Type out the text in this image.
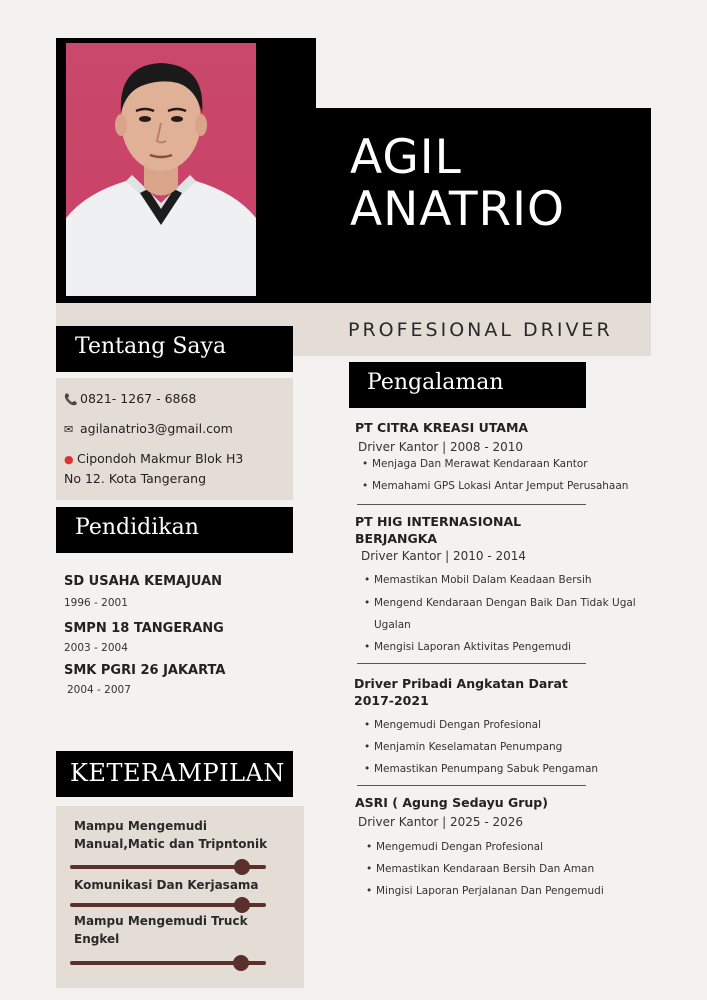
AGIL
ANATRIO
PROFESIONAL DRIVER
Tentang Saya
📞 0821- 1267 - 6868
✉ agilanatrio3@gmail.com
● Cipondoh Makmur Blok H3
No 12. Kota Tangerang
Pendidikan
SD USAHA KEMAJUAN
1996 - 2001
SMPN 18 TANGERANG
2003 - 2004
SMK PGRI 26 JAKARTA
2004 - 2007
KETERAMPILAN
Mampu Mengemudi
Manual,Matic dan Tripntonik
Komunikasi Dan Kerjasama
Mampu Mengemudi Truck
Engkel
Pengalaman
PT CITRA KREASI UTAMA
Driver Kantor | 2008 - 2010
• Menjaga Dan Merawat Kendaraan Kantor
• Memahami GPS Lokasi Antar Jemput Perusahaan
PT HIG INTERNASIONAL
BERJANGKA
Driver Kantor | 2010 - 2014
• Memastikan Mobil Dalam Keadaan Bersih
• Mengend Kendaraan Dengan Baik Dan Tidak Ugal
Ugalan
• Mengisi Laporan Aktivitas Pengemudi
Driver Pribadi Angkatan Darat
2017-2021
• Mengemudi Dengan Profesional
• Menjamin Keselamatan Penumpang
• Memastikan Penumpang Sabuk Pengaman
ASRI ( Agung Sedayu Grup)
Driver Kantor | 2025 - 2026
• Mengemudi Dengan Profesional
• Memastikan Kendaraan Bersih Dan Aman
• Mingisi Laporan Perjalanan Dan Pengemudi
